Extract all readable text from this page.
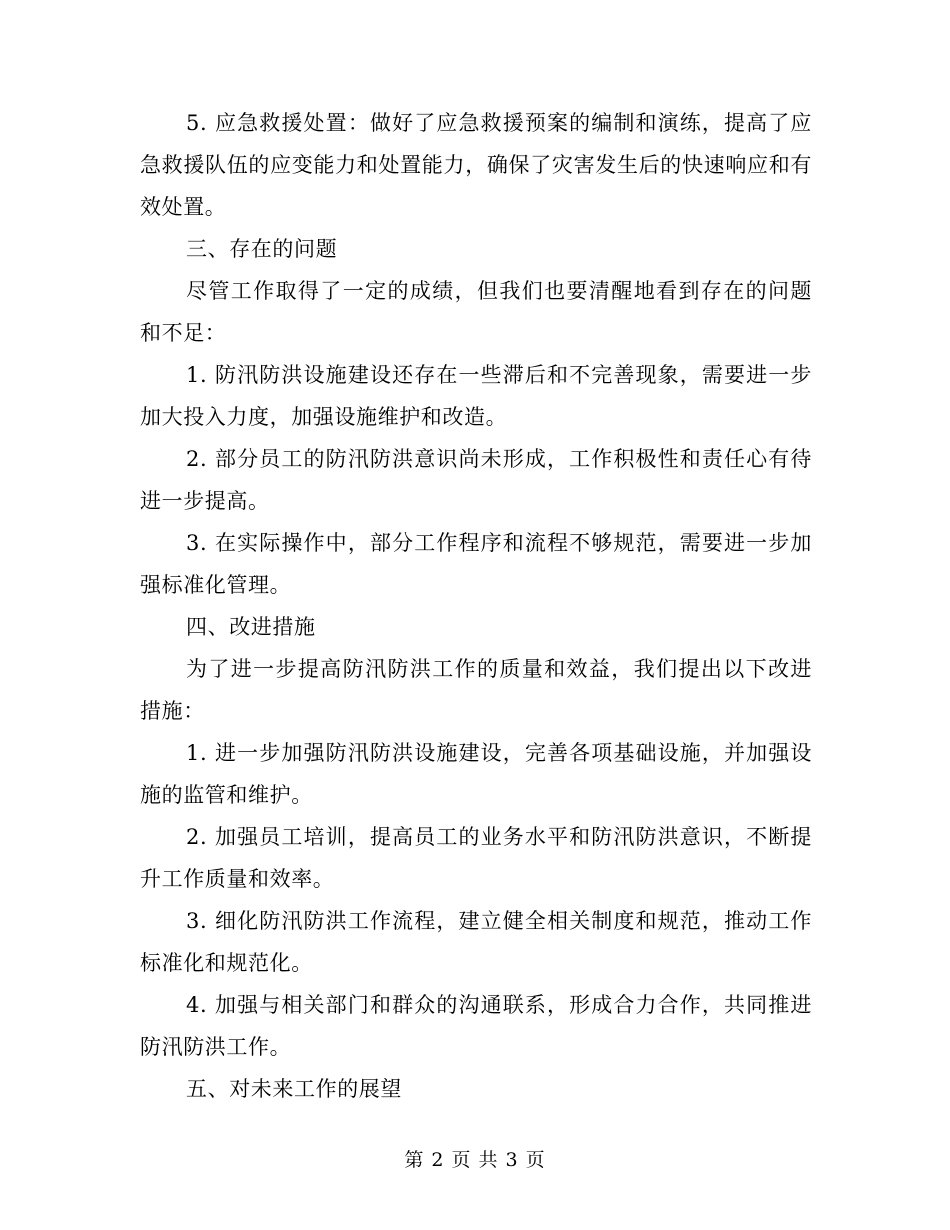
5. 应急救援处置：做好了应急救援预案的编制和演练，提高了应急救援队伍的应变能力和处置能力，确保了灾害发生后的快速响应和有效处置。

三、存在的问题

尽管工作取得了一定的成绩，但我们也要清醒地看到存在的问题和不足：

1. 防汛防洪设施建设还存在一些滞后和不完善现象，需要进一步加大投入力度，加强设施维护和改造。

2. 部分员工的防汛防洪意识尚未形成，工作积极性和责任心有待进一步提高。

3. 在实际操作中，部分工作程序和流程不够规范，需要进一步加强标准化管理。

四、改进措施

为了进一步提高防汛防洪工作的质量和效益，我们提出以下改进措施：

1. 进一步加强防汛防洪设施建设，完善各项基础设施，并加强设施的监管和维护。

2. 加强员工培训，提高员工的业务水平和防汛防洪意识，不断提升工作质量和效率。

3. 细化防汛防洪工作流程，建立健全相关制度和规范，推动工作标准化和规范化。

4. 加强与相关部门和群众的沟通联系，形成合力合作，共同推进防汛防洪工作。

五、对未来工作的展望

第 2 页 共 3 页
